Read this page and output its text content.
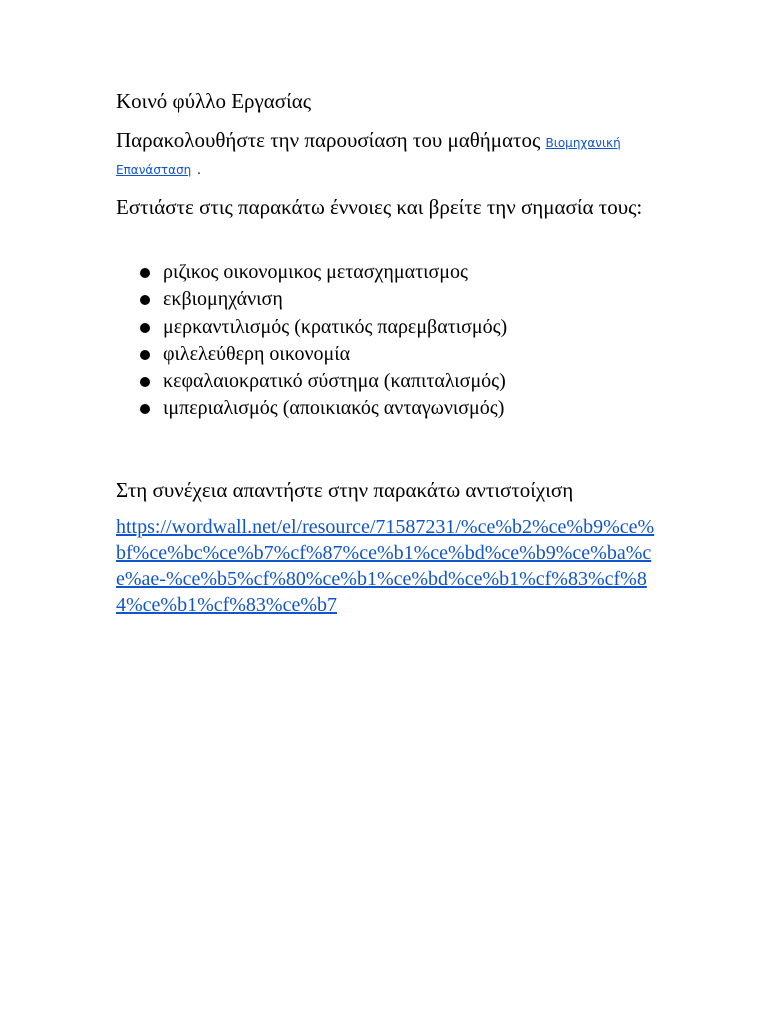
Κοινό φύλλο Εργασίας
Παρακολουθήστε την παρουσίαση του μαθήματος Βιομηχανική
Επανάσταση .
Εστιάστε στις παρακάτω έννοιες και βρείτε την σημασία τους:
ριζικος οικονομικος μετασχηματισμος
εκβιομηχάνιση
μερκαντιλισμός (κρατικός παρεμβατισμός)
φιλελεύθερη οικονομία
κεφαλαιοκρατικό σύστημα (καπιταλισμός)
ιμπεριαλισμός (αποικιακός ανταγωνισμός)
Στη συνέχεια απαντήστε στην παρακάτω αντιστοίχιση
https://wordwall.net/el/resource/71587231/%ce%b2%ce%b9%ce%bf%ce%bc%ce%b7%cf%87%ce%b1%ce%bd%ce%b9%ce%ba%ce%ae-%ce%b5%cf%80%ce%b1%ce%bd%ce%b1%cf%83%cf%84%ce%b1%cf%83%ce%b7
